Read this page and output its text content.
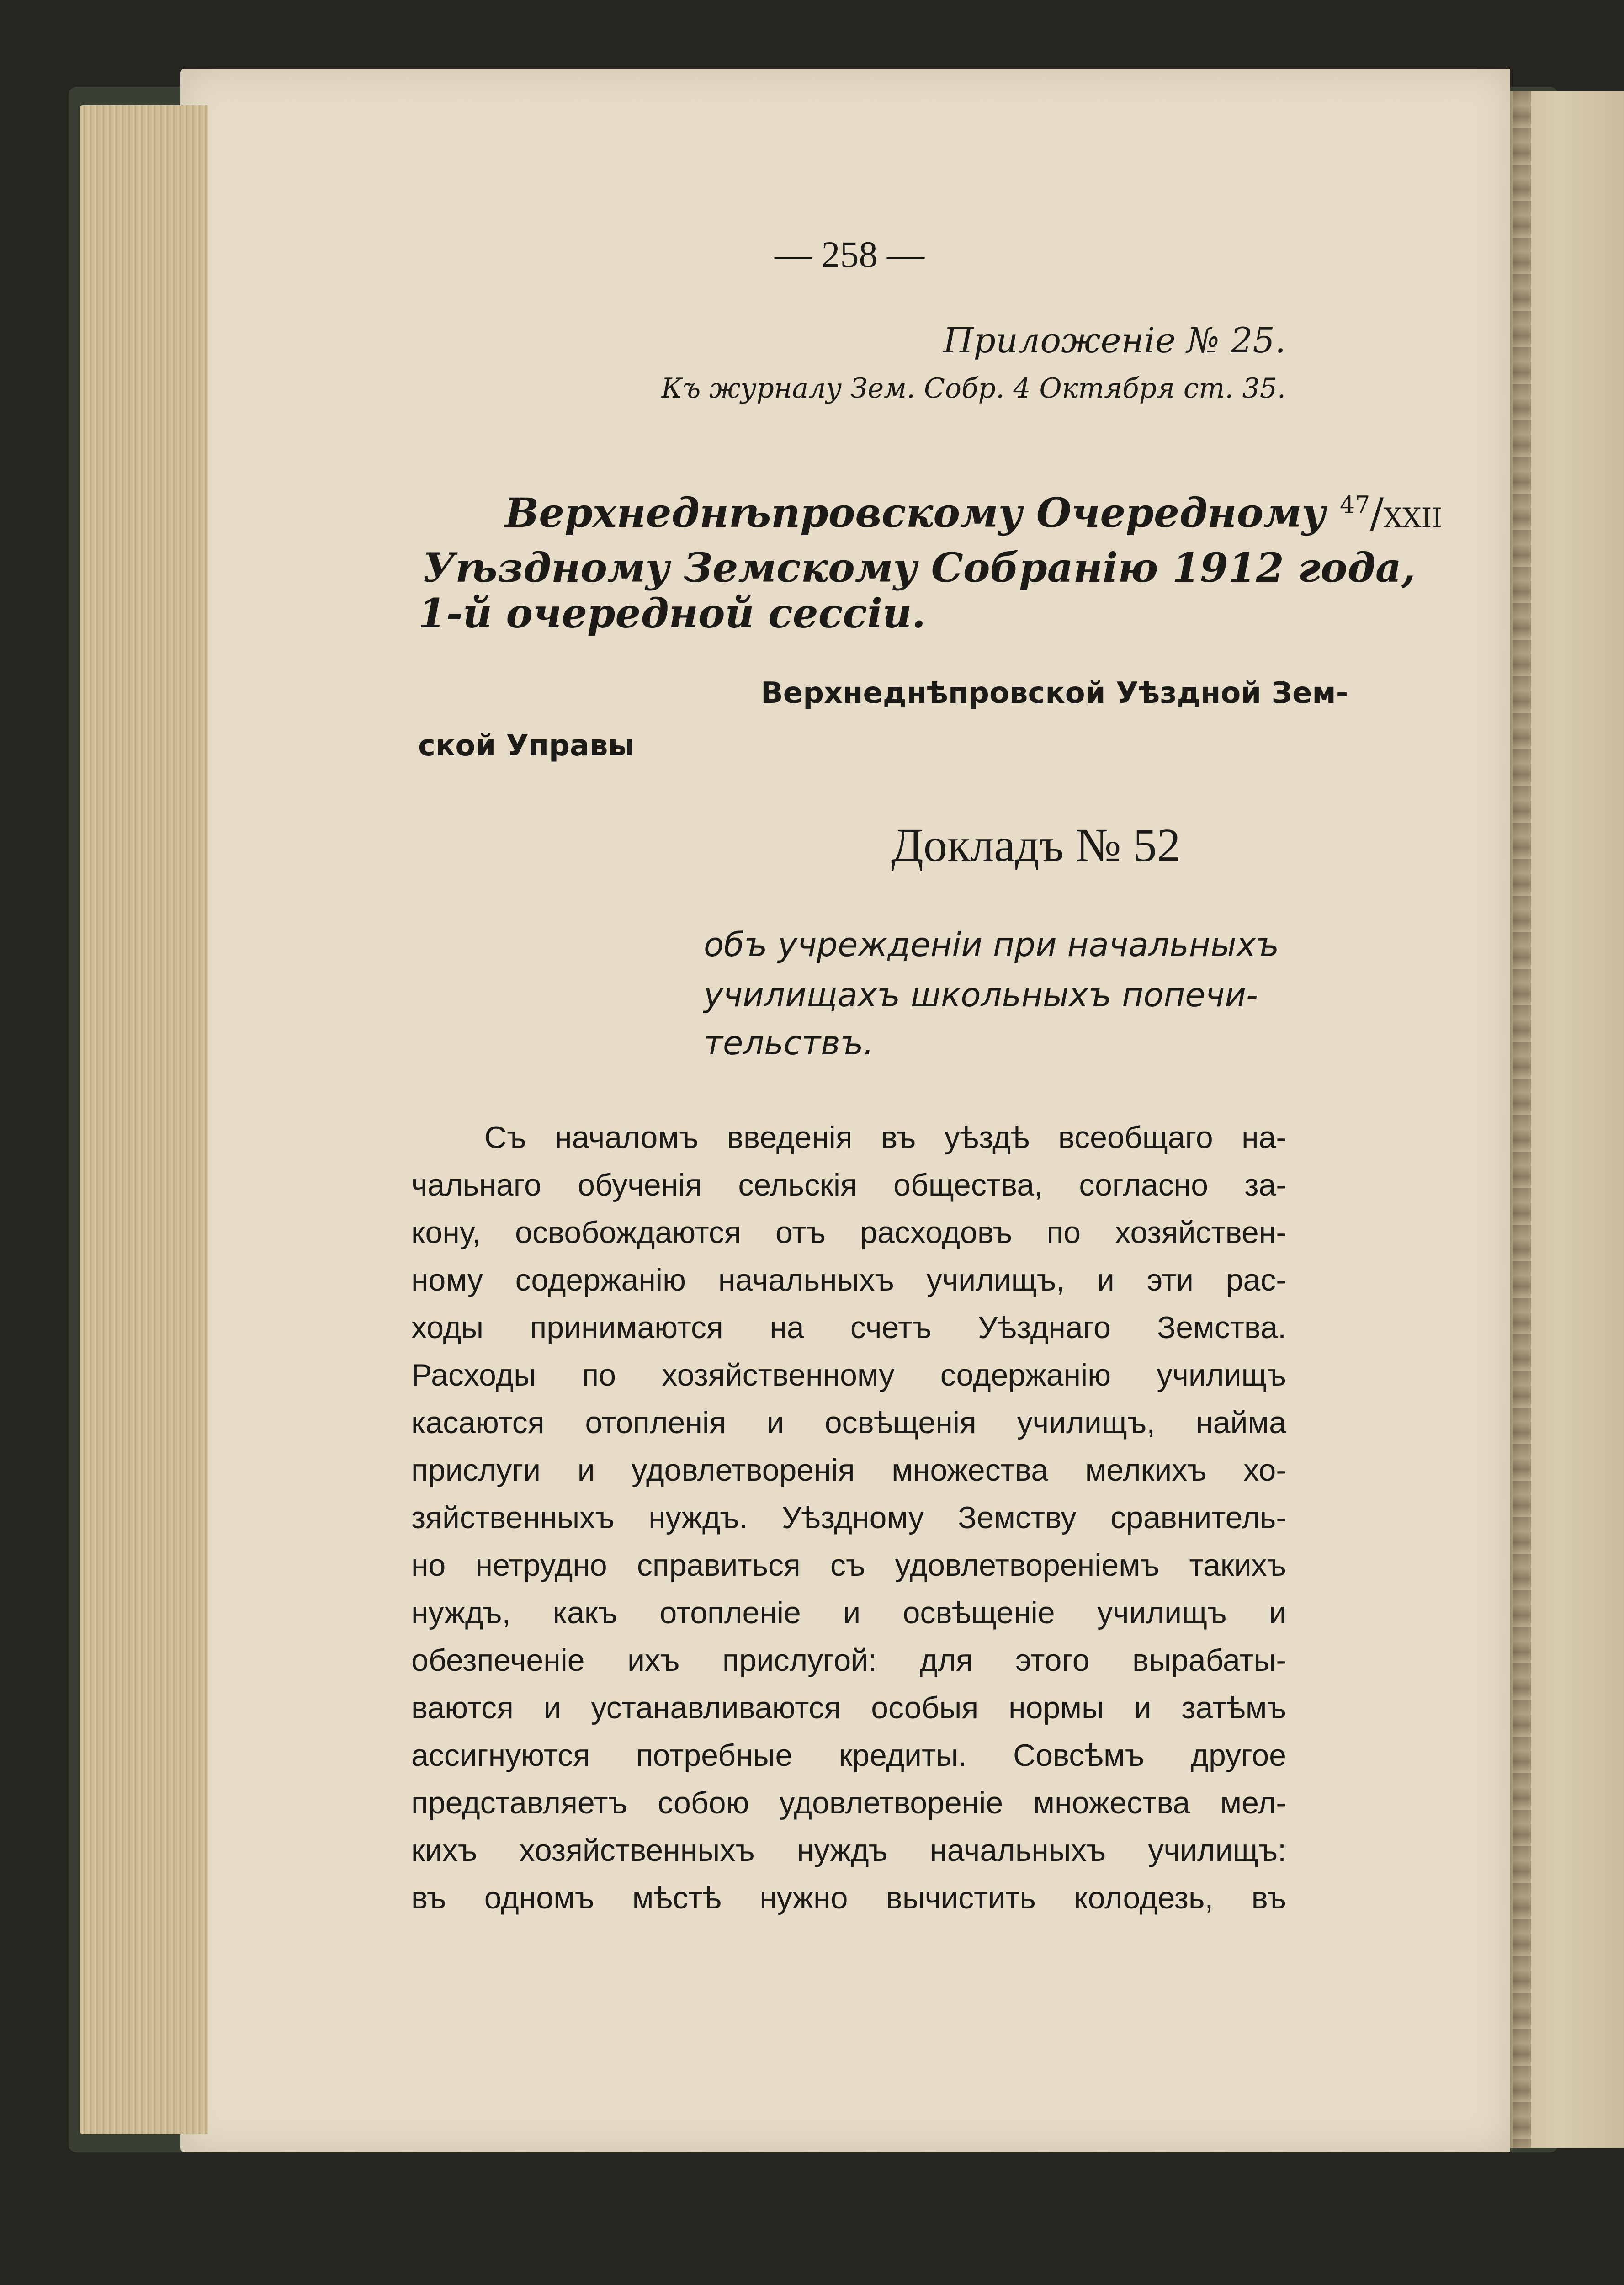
— 258 —
Приложенiе № 25.
Къ журналу Зем. Собр. 4 Октября ст. 35.
Верхнеднѣпровскому Очередному $^{47}$/XXII
Уѣздному Земскому Собранiю 1912 года,
1-й очередной сессiи.
Верхнеднѣпровской Уѣздной Зем-
ской Управы
Докладъ № 52
объ учрежденiи при начальныхъ
училищахъ школьныхъ попечи-
тельствъ.
Съ началомъ введенiя въ уѣздѣ всеобщаго на-
чальнаго обученiя сельскiя общества, согласно за-
кону, освобождаются отъ расходовъ по хозяйствен-
ному содержанiю начальныхъ училищъ, и эти рас-
ходы принимаются на счетъ Уѣзднаго Земства.
Расходы по хозяйственному содержанiю училищъ
касаются отопленiя и освѣщенiя училищъ, найма
прислуги и удовлетворенiя множества мелкихъ хо-
зяйственныхъ нуждъ. Уѣздному Земству сравнитель-
но нетрудно справиться съ удовлетворенiемъ такихъ
нуждъ, какъ отопленiе и освѣщенiе училищъ и
обезпеченiе ихъ прислугой: для этого вырабаты-
ваются и устанавливаются особыя нормы и затѣмъ
ассигнуются потребные кредиты. Совсѣмъ другое
представляетъ собою удовлетворенiе множества мел-
кихъ хозяйственныхъ нуждъ начальныхъ училищъ:
въ одномъ мѣстѣ нужно вычистить колодезь, въ
